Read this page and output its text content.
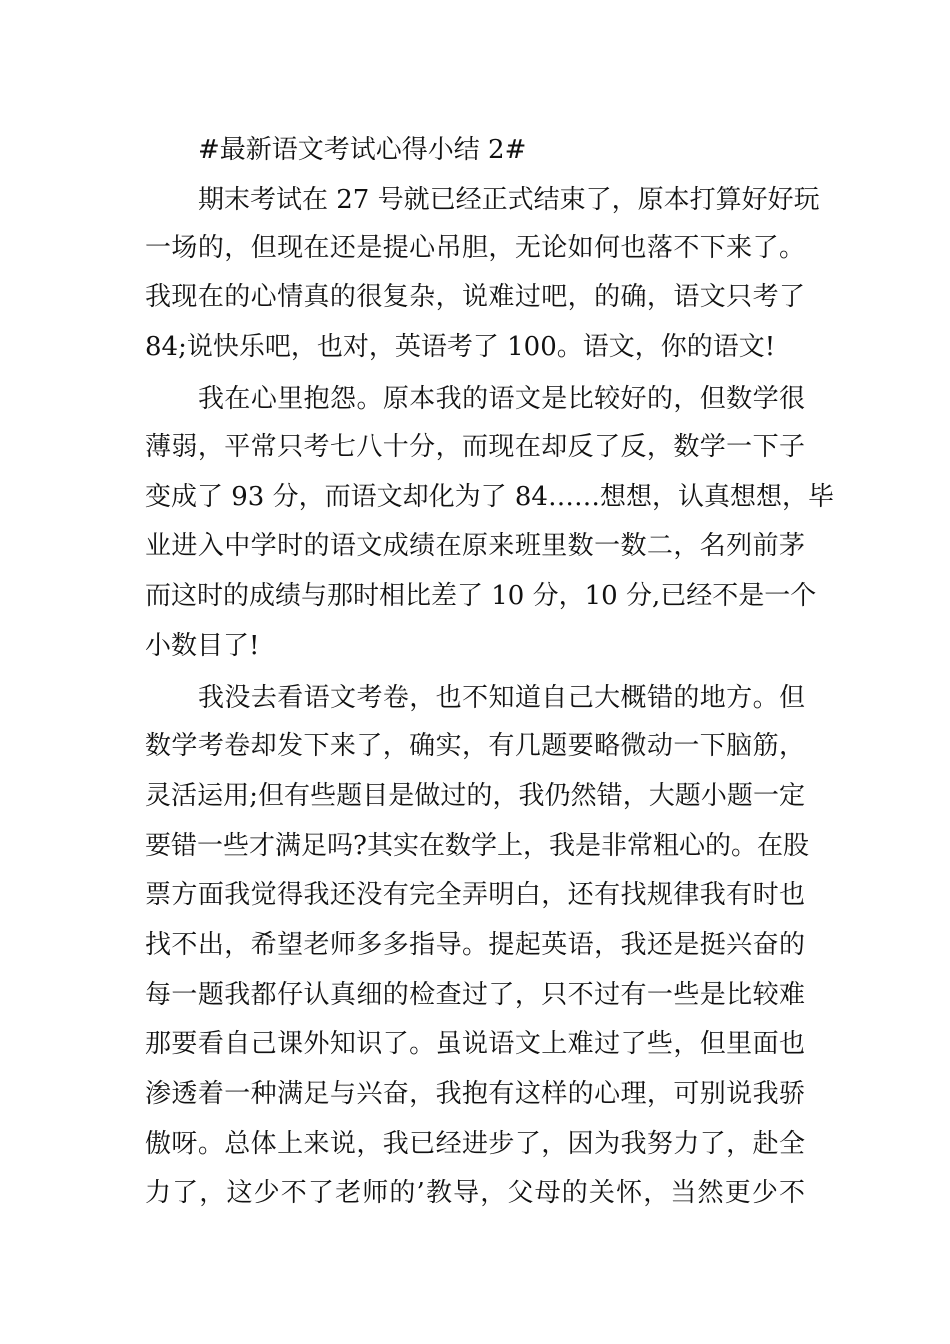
#最新语文考试心得小结 2#
期末考试在 27 号就已经正式结束了，原本打算好好玩
一场的，但现在还是提心吊胆，无论如何也落不下来了。
我现在的心情真的很复杂，说难过吧，的确，语文只考了
84;说快乐吧，也对，英语考了 100。语文，你的语文!
我在心里抱怨。原本我的语文是比较好的，但数学很
薄弱，平常只考七八十分，而现在却反了反，数学一下子
变成了 93 分，而语文却化为了 84……想想，认真想想，毕
业进入中学时的语文成绩在原来班里数一数二，名列前茅
而这时的成绩与那时相比差了 10 分，10 分,已经不是一个
小数目了!
我没去看语文考卷，也不知道自己大概错的地方。但
数学考卷却发下来了，确实，有几题要略微动一下脑筋，
灵活运用;但有些题目是做过的，我仍然错，大题小题一定
要错一些才满足吗?其实在数学上，我是非常粗心的。在股
票方面我觉得我还没有完全弄明白，还有找规律我有时也
找不出，希望老师多多指导。提起英语，我还是挺兴奋的
每一题我都仔认真细的检查过了，只不过有一些是比较难
那要看自己课外知识了。虽说语文上难过了些，但里面也
渗透着一种满足与兴奋，我抱有这样的心理，可别说我骄
傲呀。总体上来说，我已经进步了，因为我努力了，赴全
力了，这少不了老师的’教导，父母的关怀，当然更少不
